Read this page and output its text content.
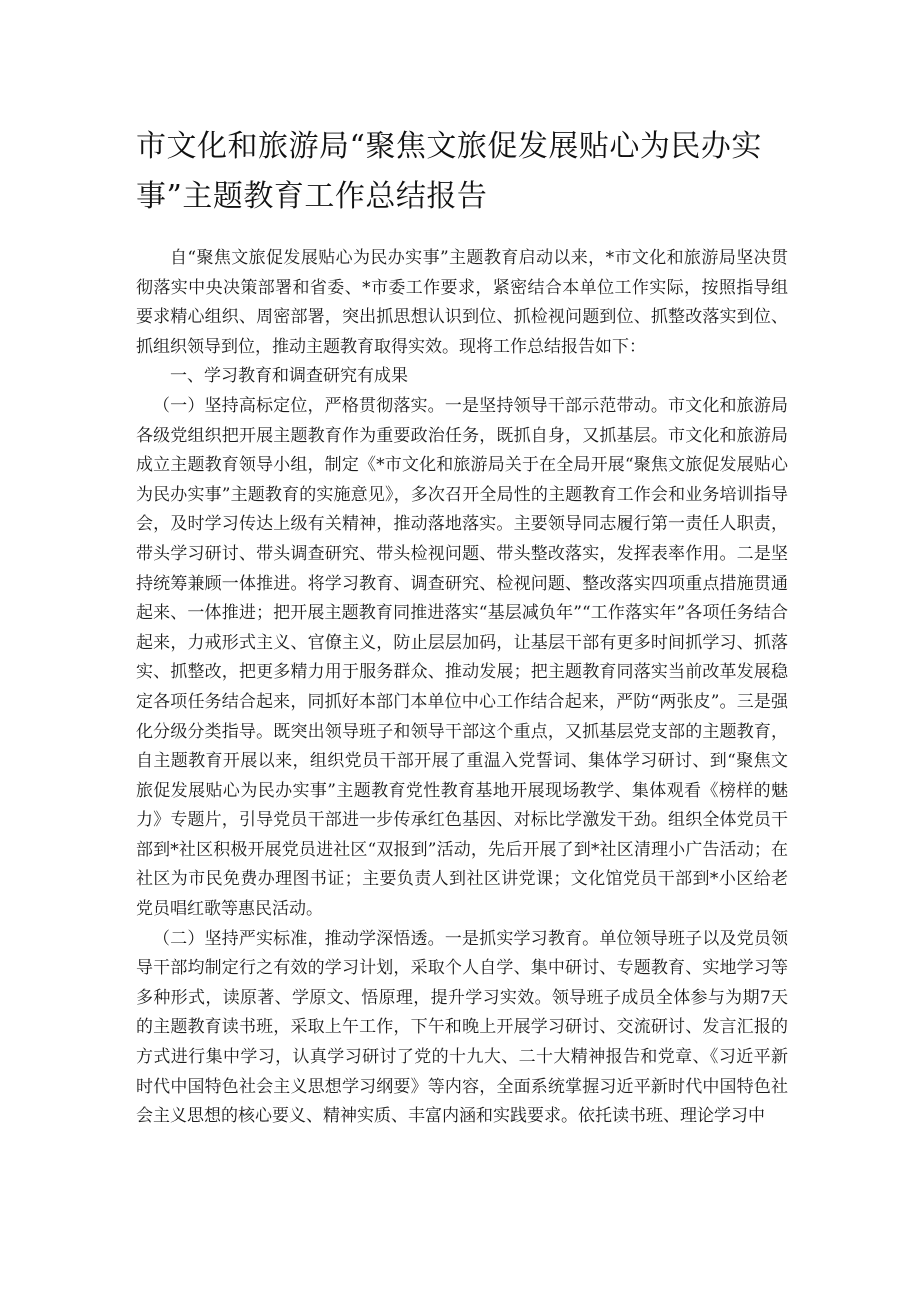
市文化和旅游局“聚焦文旅促发展贴心为民办实事”主题教育工作总结报告

自“聚焦文旅促发展贴心为民办实事”主题教育启动以来，*市文化和旅游局坚决贯彻落实中央决策部署和省委、*市委工作要求，紧密结合本单位工作实际，按照指导组要求精心组织、周密部署，突出抓思想认识到位、抓检视问题到位、抓整改落实到位、抓组织领导到位，推动主题教育取得实效。现将工作总结报告如下：

一、学习教育和调查研究有成果

（一）坚持高标定位，严格贯彻落实。一是坚持领导干部示范带动。市文化和旅游局各级党组织把开展主题教育作为重要政治任务，既抓自身，又抓基层。市文化和旅游局成立主题教育领导小组，制定《*市文化和旅游局关于在全局开展“聚焦文旅促发展贴心为民办实事”主题教育的实施意见》，多次召开全局性的主题教育工作会和业务培训指导会，及时学习传达上级有关精神，推动落地落实。主要领导同志履行第一责任人职责，带头学习研讨、带头调查研究、带头检视问题、带头整改落实，发挥表率作用。二是坚持统筹兼顾一体推进。将学习教育、调查研究、检视问题、整改落实四项重点措施贯通起来、一体推进；把开展主题教育同推进落实“基层减负年”“工作落实年”各项任务结合起来，力戒形式主义、官僚主义，防止层层加码，让基层干部有更多时间抓学习、抓落实、抓整改，把更多精力用于服务群众、推动发展；把主题教育同落实当前改革发展稳定各项任务结合起来，同抓好本部门本单位中心工作结合起来，严防“两张皮”。三是强化分级分类指导。既突出领导班子和领导干部这个重点，又抓基层党支部的主题教育，自主题教育开展以来，组织党员干部开展了重温入党誓词、集体学习研讨、到“聚焦文旅促发展贴心为民办实事”主题教育党性教育基地开展现场教学、集体观看《榜样的魅力》专题片，引导党员干部进一步传承红色基因、对标比学激发干劲。组织全体党员干部到*社区积极开展党员进社区“双报到”活动，先后开展了到*社区清理小广告活动；在社区为市民免费办理图书证；主要负责人到社区讲党课；文化馆党员干部到*小区给老党员唱红歌等惠民活动。

（二）坚持严实标准，推动学深悟透。一是抓实学习教育。单位领导班子以及党员领导干部均制定行之有效的学习计划，采取个人自学、集中研讨、专题教育、实地学习等多种形式，读原著、学原文、悟原理，提升学习实效。领导班子成员全体参与为期7天的主题教育读书班，采取上午工作，下午和晚上开展学习研讨、交流研讨、发言汇报的方式进行集中学习，认真学习研讨了党的十九大、二十大精神报告和党章、《习近平新时代中国特色社会主义思想学习纲要》等内容，全面系统掌握习近平新时代中国特色社会主义思想的核心要义、精神实质、丰富内涵和实践要求。依托读书班、理论学习中
